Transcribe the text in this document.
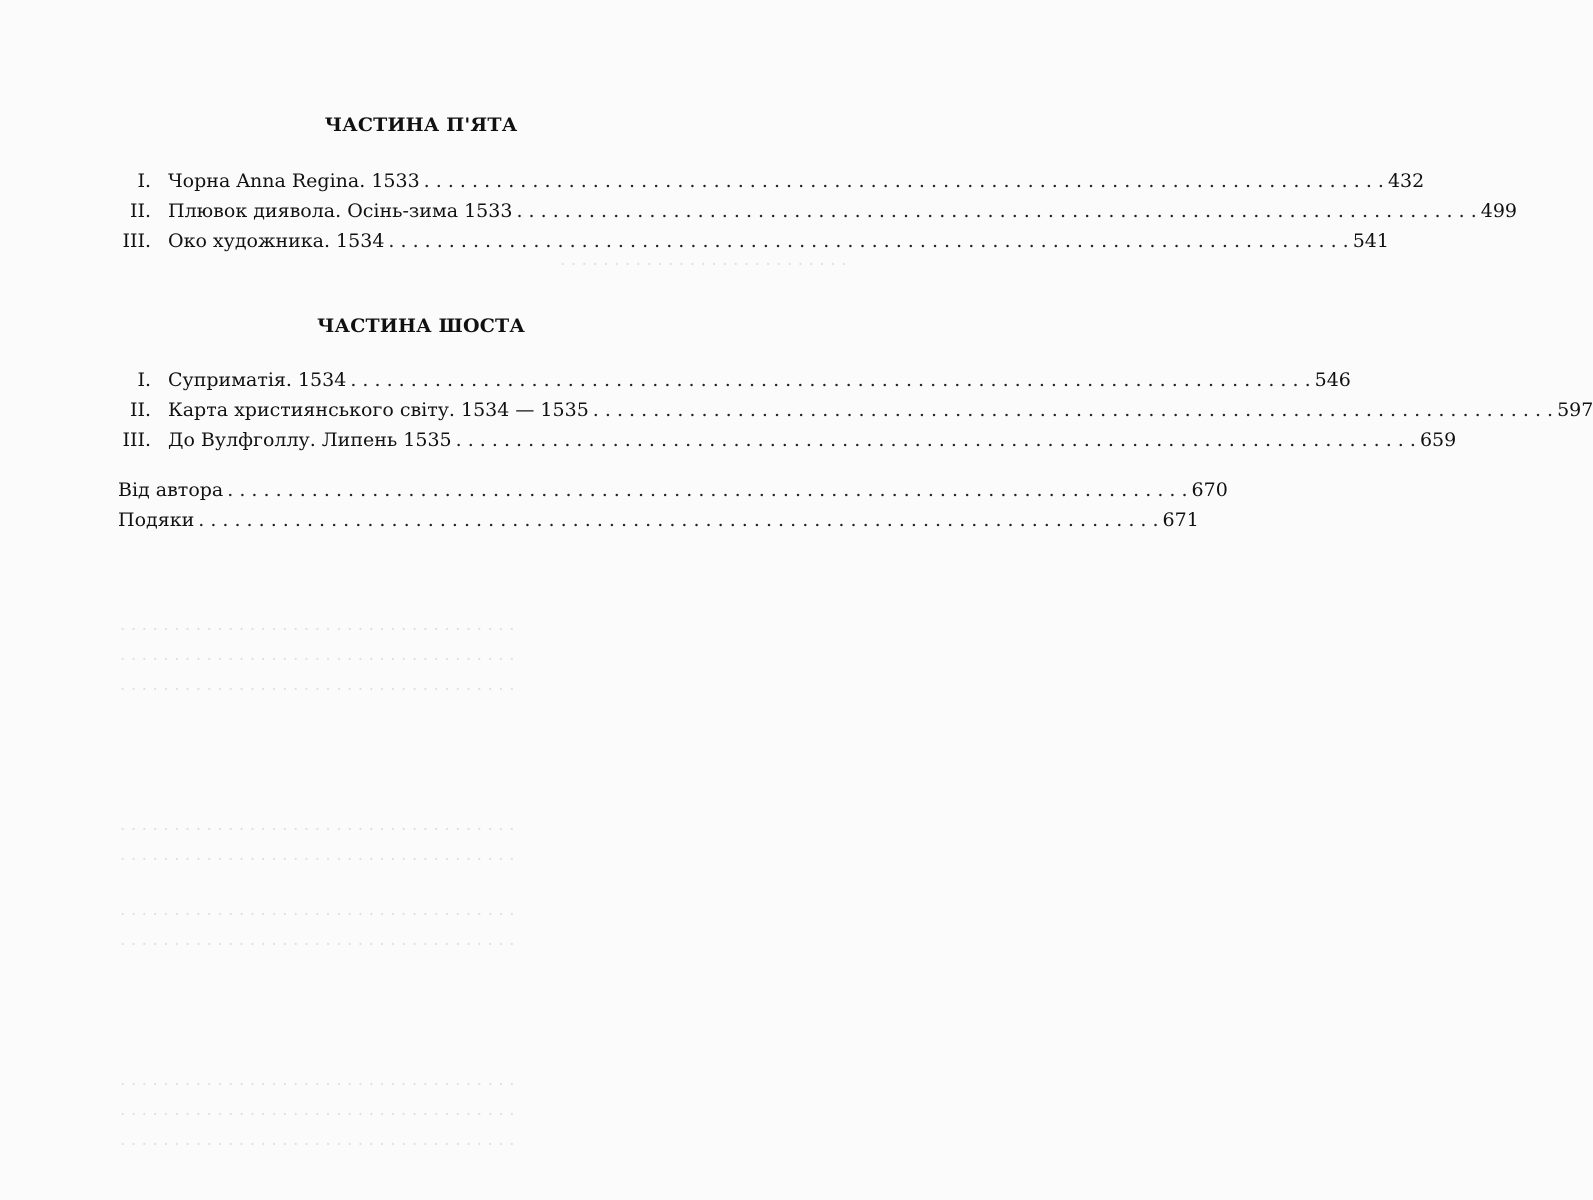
· · · · · · · · · · · · · · · · · · · · · · · · · · ·
· · · · · · · · · · · · · · · · · · · · · · · · · · · · · · · · · · · · ·
· · · · · · · · · · · · · · · · · · · · · · · · · · · · · · · · · · · · ·
· · · · · · · · · · · · · · · · · · · · · · · · · · · · · · · · · · · · ·
· · · · · · · · · · · · · · · · · · · · · · · · · · · · · · · · · · · · ·
· · · · · · · · · · · · · · · · · · · · · · · · · · · · · · · · · · · · ·
· · · · · · · · · · · · · · · · · · · · · · · · · · · · · · · · · · · · ·
· · · · · · · · · · · · · · · · · · · · · · · · · · · · · · · · · · · · ·
· · · · · · · · · · · · · · · · · · · · · · · · · · · · · · · · · · · · ·
· · · · · · · · · · · · · · · · · · · · · · · · · · · · · · · · · · · · ·
· · · · · · · · · · · · · · · · · · · · · · · · · · · · · · · · · · · · ·
ЧАСТИНА П'ЯТА
I. Чорна Anna Regina. 1533 . . .	432
II. Плювок диявола. Осінь-зима 1533 . . .	499
III. Око художника. 1534 . . .	541
ЧАСТИНА ШОСТА
I. Суприматія. 1534 . . .	546
II. Карта християнського світу. 1534 — 1535 . . .	597
III. До Вулфголлу. Липень 1535 . . .	659
Від автора . . .	670
Подяки . . .	671
